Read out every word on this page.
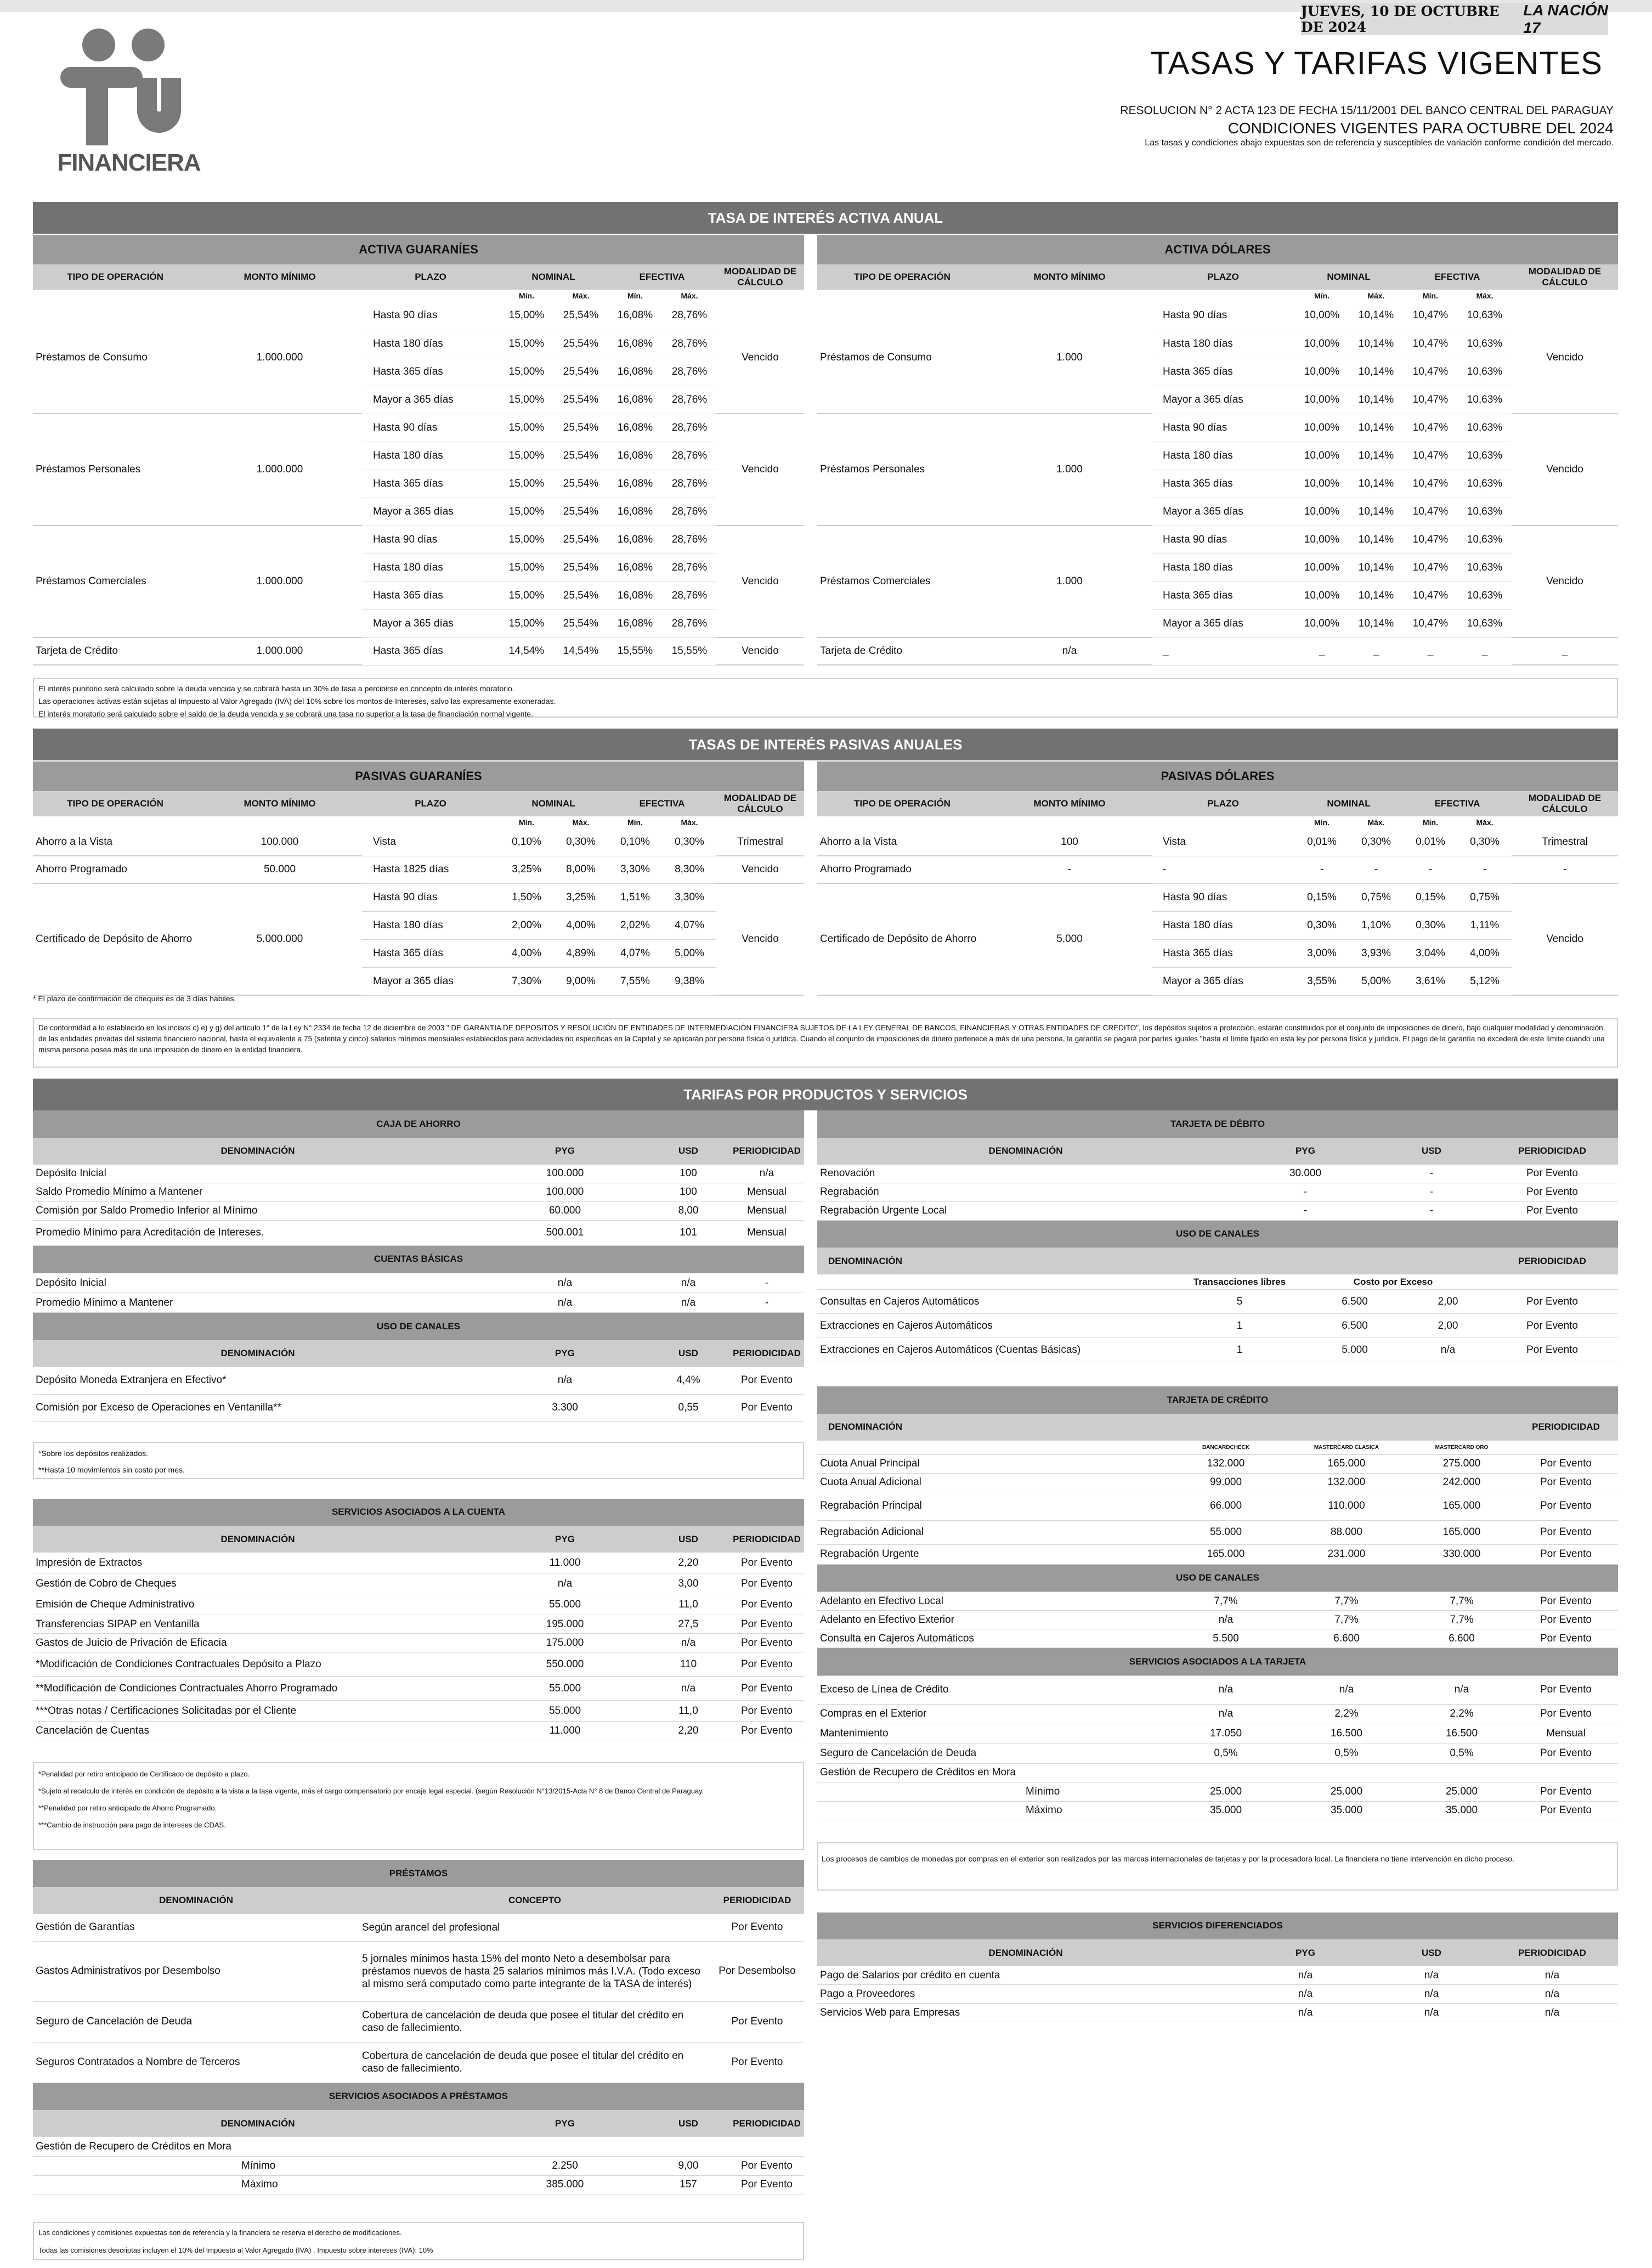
JUEVES, 10 DE OCTUBRE DE 2024
LA NACIÓN 17
FINANCIERA
TASAS Y TARIFAS VIGENTES
RESOLUCION N° 2 ACTA 123 DE FECHA 15/11/2001 DEL BANCO CENTRAL DEL PARAGUAY
CONDICIONES VIGENTES PARA OCTUBRE DEL 2024
Las tasas y condiciones abajo expuestas son de referencia y susceptibles de variación conforme condición del mercado.
TASA DE INTERÉS ACTIVA ANUAL
ACTIVA GUARANÍES							
TIPO DE OPERACIÓN	MONTO MÍNIMO	PLAZO	NOMINAL		EFECTIVA		MODALIDAD DE CÁLCULO
			Mín.	Máx.	Mín.	Máx.	
Préstamos de Consumo	1.000.000	Hasta 90 días	15,00%	25,54%	16,08%	28,76%	Vencido
		Hasta 180 días	15,00%	25,54%	16,08%	28,76%	
		Hasta 365 días	15,00%	25,54%	16,08%	28,76%	
		Mayor a 365 días	15,00%	25,54%	16,08%	28,76%	
Préstamos Personales	1.000.000	Hasta 90 días	15,00%	25,54%	16,08%	28,76%	Vencido
		Hasta 180 días	15,00%	25,54%	16,08%	28,76%	
		Hasta 365 días	15,00%	25,54%	16,08%	28,76%	
		Mayor a 365 días	15,00%	25,54%	16,08%	28,76%	
Préstamos Comerciales	1.000.000	Hasta 90 días	15,00%	25,54%	16,08%	28,76%	Vencido
		Hasta 180 días	15,00%	25,54%	16,08%	28,76%	
		Hasta 365 días	15,00%	25,54%	16,08%	28,76%	
		Mayor a 365 días	15,00%	25,54%	16,08%	28,76%	
Tarjeta de Crédito	1.000.000	Hasta 365 días	14,54%	14,54%	15,55%	15,55%	Vencido
ACTIVA DÓLARES							
TIPO DE OPERACIÓN	MONTO MÍNIMO	PLAZO	NOMINAL		EFECTIVA		MODALIDAD DE CÁLCULO
			Mín.	Máx.	Mín.	Máx.	
Préstamos de Consumo	1.000	Hasta 90 días	10,00%	10,14%	10,47%	10,63%	Vencido
		Hasta 180 días	10,00%	10,14%	10,47%	10,63%	
		Hasta 365 días	10,00%	10,14%	10,47%	10,63%	
		Mayor a 365 días	10,00%	10,14%	10,47%	10,63%	
Préstamos Personales	1.000	Hasta 90 días	10,00%	10,14%	10,47%	10,63%	Vencido
		Hasta 180 días	10,00%	10,14%	10,47%	10,63%	
		Hasta 365 días	10,00%	10,14%	10,47%	10,63%	
		Mayor a 365 días	10,00%	10,14%	10,47%	10,63%	
Préstamos Comerciales	1.000	Hasta 90 días	10,00%	10,14%	10,47%	10,63%	Vencido
		Hasta 180 días	10,00%	10,14%	10,47%	10,63%	
		Hasta 365 días	10,00%	10,14%	10,47%	10,63%	
		Mayor a 365 días	10,00%	10,14%	10,47%	10,63%	
Tarjeta de Crédito	n/a	_	_	_	_	_	_
El interés punitorio será calculado sobre la deuda vencida y se cobrará hasta un 30% de tasa a percibirse en concepto de interés moratorio.
Las operaciones activas están sujetas al Impuesto al Valor Agregado (IVA) del 10% sobre los montos de Intereses, salvo las expresamente exoneradas.
El interés moratorio será calculado sobre el saldo de la deuda vencida y se cobrará una tasa no superior a la tasa de financiación normal vigente.
TASAS DE INTERÉS PASIVAS ANUALES
PASIVAS GUARANÍES							
TIPO DE OPERACIÓN	MONTO MÍNIMO	PLAZO	NOMINAL		EFECTIVA		MODALIDAD DE CÁLCULO
			Mín.	Máx.	Mín.	Máx.	
Ahorro a la Vista	100.000	Vista	0,10%	0,30%	0,10%	0,30%	Trimestral
Ahorro Programado	50.000	Hasta 1825 días	3,25%	8,00%	3,30%	8,30%	Vencido
Certificado de Depósito de Ahorro	5.000.000	Hasta 90 días	1,50%	3,25%	1,51%	3,30%	Vencido
		Hasta 180 días	2,00%	4,00%	2,02%	4,07%	
		Hasta 365 días	4,00%	4,89%	4,07%	5,00%	
		Mayor a 365 días	7,30%	9,00%	7,55%	9,38%	
PASIVAS DÓLARES							
TIPO DE OPERACIÓN	MONTO MÍNIMO	PLAZO	NOMINAL		EFECTIVA		MODALIDAD DE CÁLCULO
			Mín.	Máx.	Mín.	Máx.	
Ahorro a la Vista	100	Vista	0,01%	0,30%	0,01%	0,30%	Trimestral
Ahorro Programado	-	-	-	-	-	-	-
Certificado de Depósito de Ahorro	5.000	Hasta 90 días	0,15%	0,75%	0,15%	0,75%	Vencido
		Hasta 180 días	0,30%	1,10%	0,30%	1,11%	
		Hasta 365 días	3,00%	3,93%	3,04%	4,00%	
		Mayor a 365 días	3,55%	5,00%	3,61%	5,12%	
* El plazo de confirmación de cheques es de 3 días hábiles.
De conformidad a lo establecido en los incisos c) e) y g) del artículo 1° de la Ley N° 2334 de fecha 12 de diciembre de 2003 " DE GARANTIA DE DEPOSITOS Y RESOLUCIÓN DE ENTIDADES DE INTERMEDIACIÓN FINANCIERA SUJETOS DE LA LEY GENERAL DE BANCOS, FINANCIERAS Y OTRAS ENTIDADES DE CRÉDITO", los depósitos sujetos a protección, estarán constituidos por el conjunto de imposiciones de dinero, bajo cualquier modalidad y denominación, de las entidades privadas del sistema financiero nacional, hasta el equivalente a 75 (setenta y cinco) salarios mínimos mensuales establecidos para actividades no especificas en la Capital y se aplicarán por persona física o jurídica. Cuando el conjunto de imposiciones de dinero pertenece a más de una persona, la garantía se pagará por partes iguales "hasta el límite fijado en esta ley por persona física y jurídica. El pago de la garantía no excederá de este límite cuando una misma persona posea más de una imposición de dinero en la entidad financiera.
TARIFAS POR PRODUCTOS Y SERVICIOS
CAJA DE AHORRO			
DENOMINACIÓN	PYG	USD	PERIODICIDAD
Depósito Inicial	100.000	100	n/a
Saldo Promedio Mínimo a Mantener	100.000	100	Mensual
Comisión por Saldo Promedio Inferior al Mínimo	60.000	8,00	Mensual
Promedio Mínimo para Acreditación de Intereses.	500.001	101	Mensual
CUENTAS BÁSICAS			
Depósito Inicial	n/a	n/a	-
Promedio Mínimo a Mantener	n/a	n/a	-
USO DE CANALES			
DENOMINACIÓN	PYG	USD	PERIODICIDAD
Depósito Moneda Extranjera en Efectivo*	n/a	4,4%	Por Evento
Comisión por Exceso de Operaciones en Ventanilla**	3.300	0,55	Por Evento
*Sobre los depósitos realizados.
**Hasta 10 movimientos sin costo por mes.
SERVICIOS ASOCIADOS A LA CUENTA			
DENOMINACIÓN	PYG	USD	PERIODICIDAD
Impresión de Extractos	11.000	2,20	Por Evento
Gestión de Cobro de Cheques	n/a	3,00	Por Evento
Emisión de Cheque Administrativo	55.000	11,0	Por Evento
Transferencias SIPAP en Ventanilla	195.000	27,5	Por Evento
Gastos de Juicio de Privación de Eficacia	175.000	n/a	Por Evento
*Modificación de Condiciones Contractuales Depósito a Plazo	550.000	110	Por Evento
**Modificación de Condiciones Contractuales Ahorro Programado	55.000	n/a	Por Evento
***Otras notas / Certificaciones Solicitadas por el Cliente	55.000	11,0	Por Evento
Cancelación de Cuentas	11.000	2,20	Por Evento
*Penalidad por retiro anticipado de Certificado de depósito a plazo.
*Sujeto al recalculo de interés en condición de depósito a la vista a la tasa vigente, más el cargo compensatorio por encaje legal especial. (según Resolución N°13/2015-Acta N° 8 de Banco Central de Paraguay.
**Penalidad por retiro anticipado de Ahorro Programado.
***Cambio de instrucción para pago de intereses de CDAS.
PRÉSTAMOS		
DENOMINACIÓN	CONCEPTO	PERIODICIDAD
Gestión de Garantías	Según arancel del profesional	Por Evento
Gastos Administrativos por Desembolso	5 jornales mínimos hasta 15% del monto Neto a desembolsar para préstamos nuevos de hasta 25 salarios mínimos más I.V.A. (Todo exceso al mismo será computado como parte integrante de la TASA de interés)	Por Desembolso
Seguro de Cancelación de Deuda	Cobertura de cancelación de deuda que posee el titular del crédito en caso de fallecimiento.	Por Evento
Seguros Contratados a Nombre de Terceros	Cobertura de cancelación de deuda que posee el titular del crédito en caso de fallecimiento.	Por Evento
SERVICIOS ASOCIADOS A PRÉSTAMOS			
DENOMINACIÓN	PYG	USD	PERIODICIDAD
Gestión de Recupero de Créditos en Mora			
Mínimo	2.250	9,00	Por Evento
Máximo	385.000	157	Por Evento
Las condiciones y comisiones expuestas son de referencia y la financiera se reserva el derecho de modificaciones.
Todas las comisiones descriptas incluyen el 10% del Impuesto al Valor Agregado (IVA) . Impuesto sobre intereses (IVA): 10%
TARJETA DE DÉBITO			
DENOMINACIÓN	PYG	USD	PERIODICIDAD
Renovación	30.000	-	Por Evento
Regrabación	-	-	Por Evento
Regrabación Urgente Local	-	-	Por Evento
USO DE CANALES				
DENOMINACIÓN				PERIODICIDAD
	Transacciones libres	Costo por Exceso		
Consultas en Cajeros Automáticos	5	6.500	2,00	Por Evento
Extracciones en Cajeros Automáticos	1	6.500	2,00	Por Evento
Extracciones en Cajeros Automáticos (Cuentas Básicas)	1	5.000	n/a	Por Evento
TARJETA DE CRÉDITO				
DENOMINACIÓN				PERIODICIDAD
	BANCARDCHECK	MASTERCARD CLASICA	MASTERCARD ORO	
Cuota Anual Principal	132.000	165.000	275.000	Por Evento
Cuota Anual Adicional	99.000	132.000	242.000	Por Evento
Regrabación Principal	66.000	110.000	165.000	Por Evento
Regrabación Adicional	55.000	88.000	165.000	Por Evento
Regrabación Urgente	165.000	231.000	330.000	Por Evento
USO DE CANALES				
Adelanto en Efectivo Local	7,7%	7,7%	7,7%	Por Evento
Adelanto en Efectivo Exterior	n/a	7,7%	7,7%	Por Evento
Consulta en Cajeros Automáticos	5.500	6.600	6.600	Por Evento
SERVICIOS ASOCIADOS A LA TARJETA				
Exceso de Línea de Crédito	n/a	n/a	n/a	Por Evento
Compras en el Exterior	n/a	2,2%	2,2%	Por Evento
Mantenimiento	17.050	16.500	16.500	Mensual
Seguro de Cancelación de Deuda	0,5%	0,5%	0,5%	Por Evento
Gestión de Recupero de Créditos en Mora				
Mínimo	25.000	25.000	25.000	Por Evento
Máximo	35.000	35.000	35.000	Por Evento
Los procesos de cambios de monedas por compras en el exterior son realizados por las marcas internacionales de tarjetas y por la procesadora local. La financiera no tiene intervención en dicho proceso.
SERVICIOS DIFERENCIADOS			
DENOMINACIÓN	PYG	USD	PERIODICIDAD
Pago de Salarios por crédito en cuenta	n/a	n/a	n/a
Pago a Proveedores	n/a	n/a	n/a
Servicios Web para Empresas	n/a	n/a	n/a
